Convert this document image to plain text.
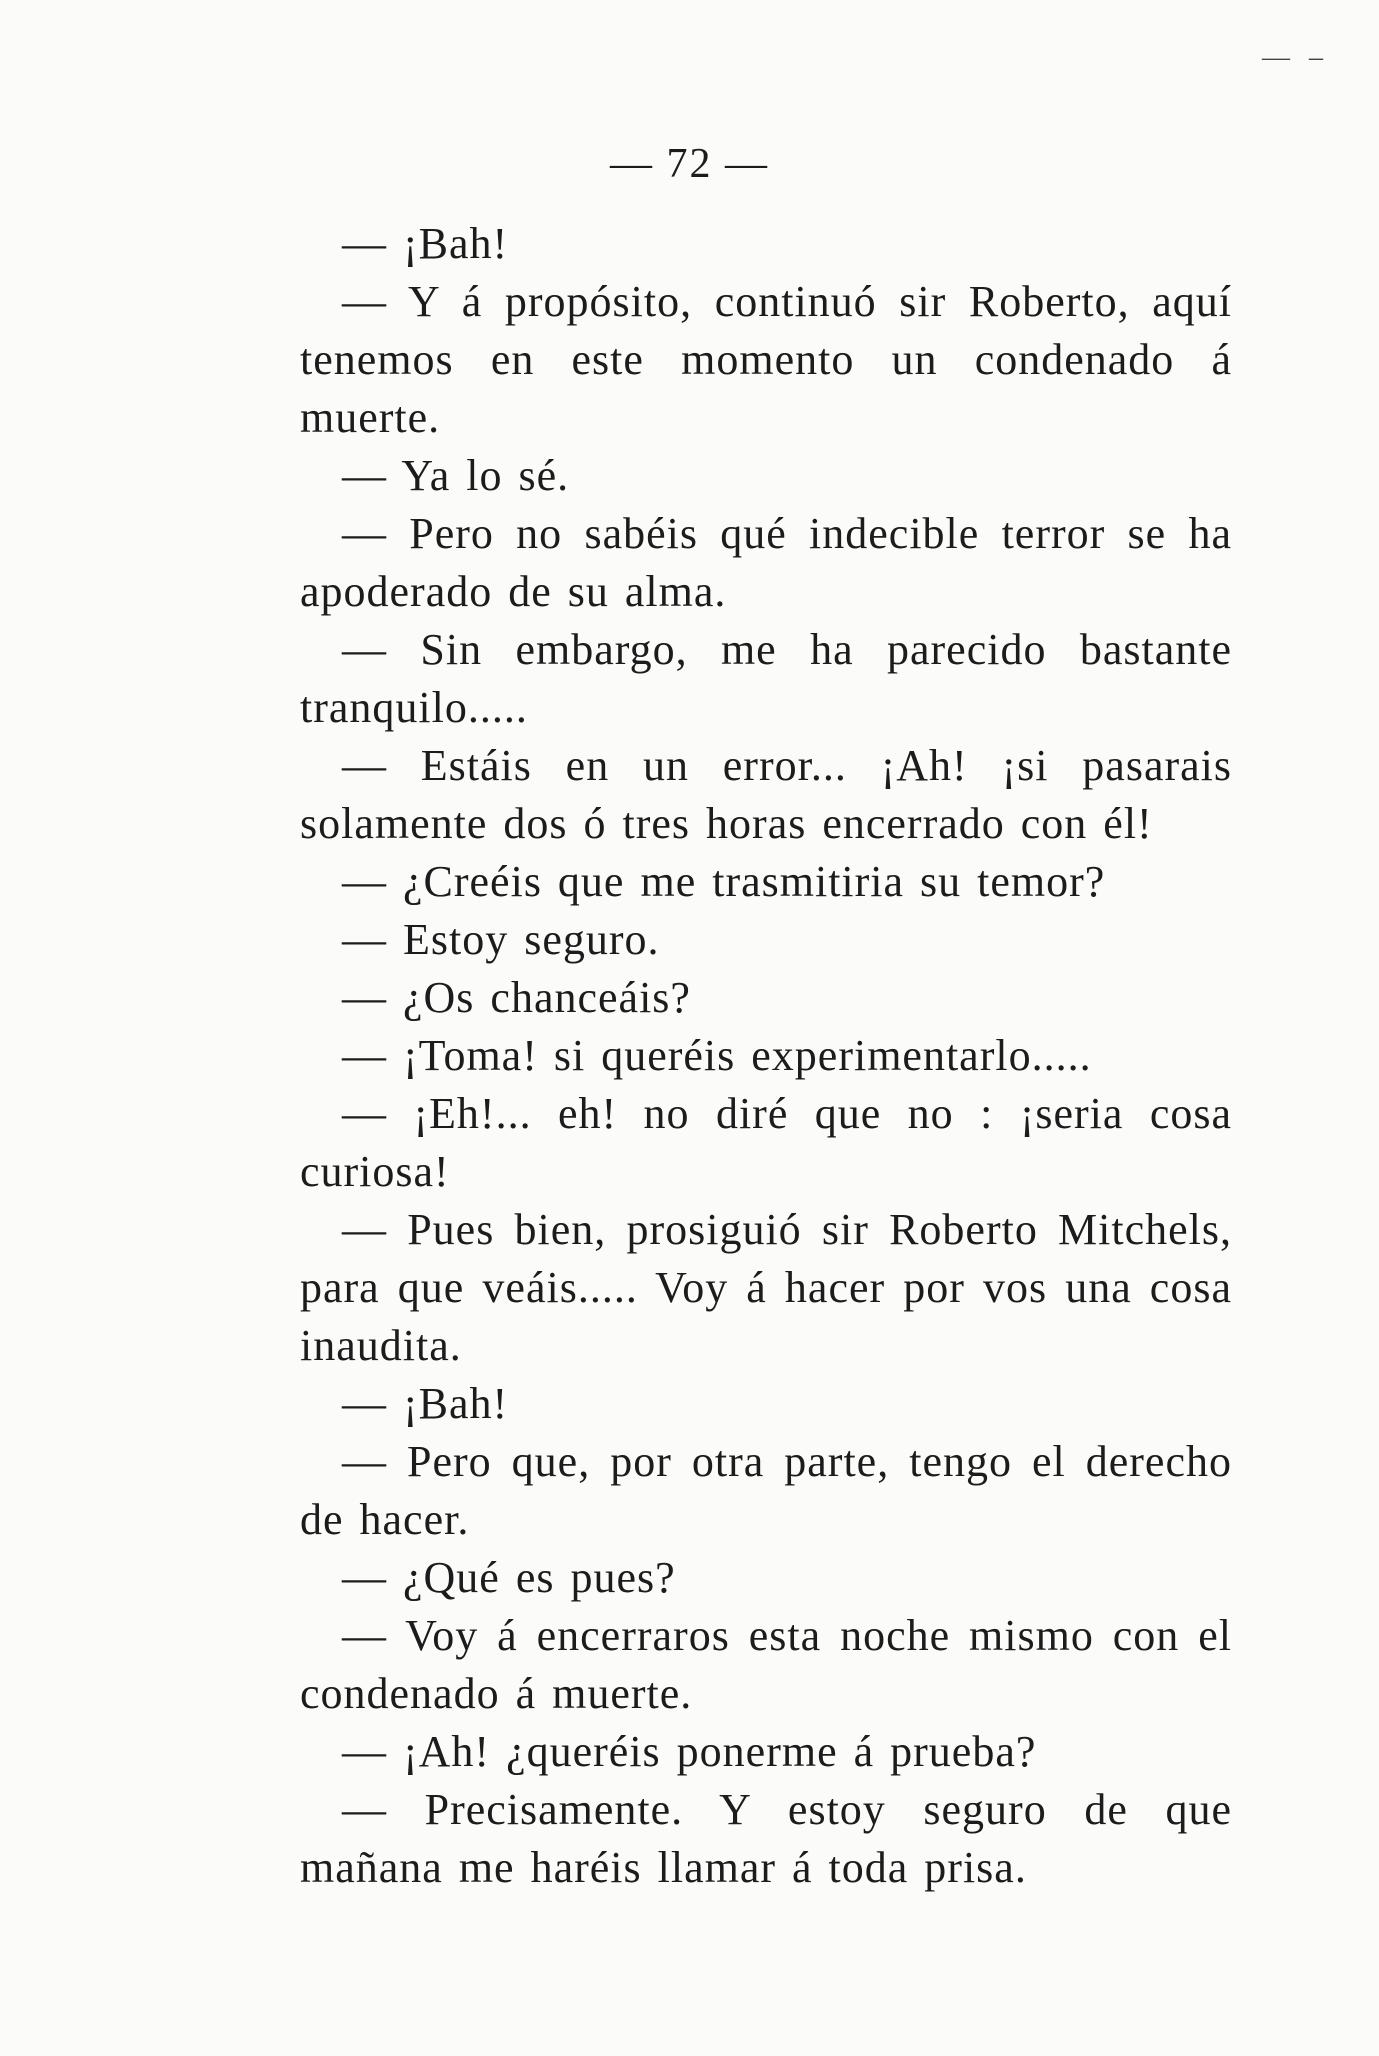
— –
— 72 —

— ¡Bah!

— Y á propósito, continuó sir Roberto, aquí tenemos en este momento un condenado á muerte.

— Ya lo sé.

— Pero no sabéis qué indecible terror se ha apoderado de su alma.

— Sin embargo, me ha parecido bastante tranquilo.....

— Estáis en un error... ¡Ah! ¡si pasarais solamente dos ó tres horas encerrado con él!

— ¿Creéis que me trasmitiria su temor?

— Estoy seguro.

— ¿Os chanceáis?

— ¡Toma! si queréis experimentarlo.....

— ¡Eh!... eh! no diré que no : ¡seria cosa curiosa!

— Pues bien, prosiguió sir Roberto Mitchels, para que veáis..... Voy á hacer por vos una cosa inaudita.

— ¡Bah!

— Pero que, por otra parte, tengo el derecho de hacer.

— ¿Qué es pues?

— Voy á encerraros esta noche mismo con el condenado á muerte.

— ¡Ah! ¿queréis ponerme á prueba?

— Precisamente. Y estoy seguro de que mañana me haréis llamar á toda prisa.
